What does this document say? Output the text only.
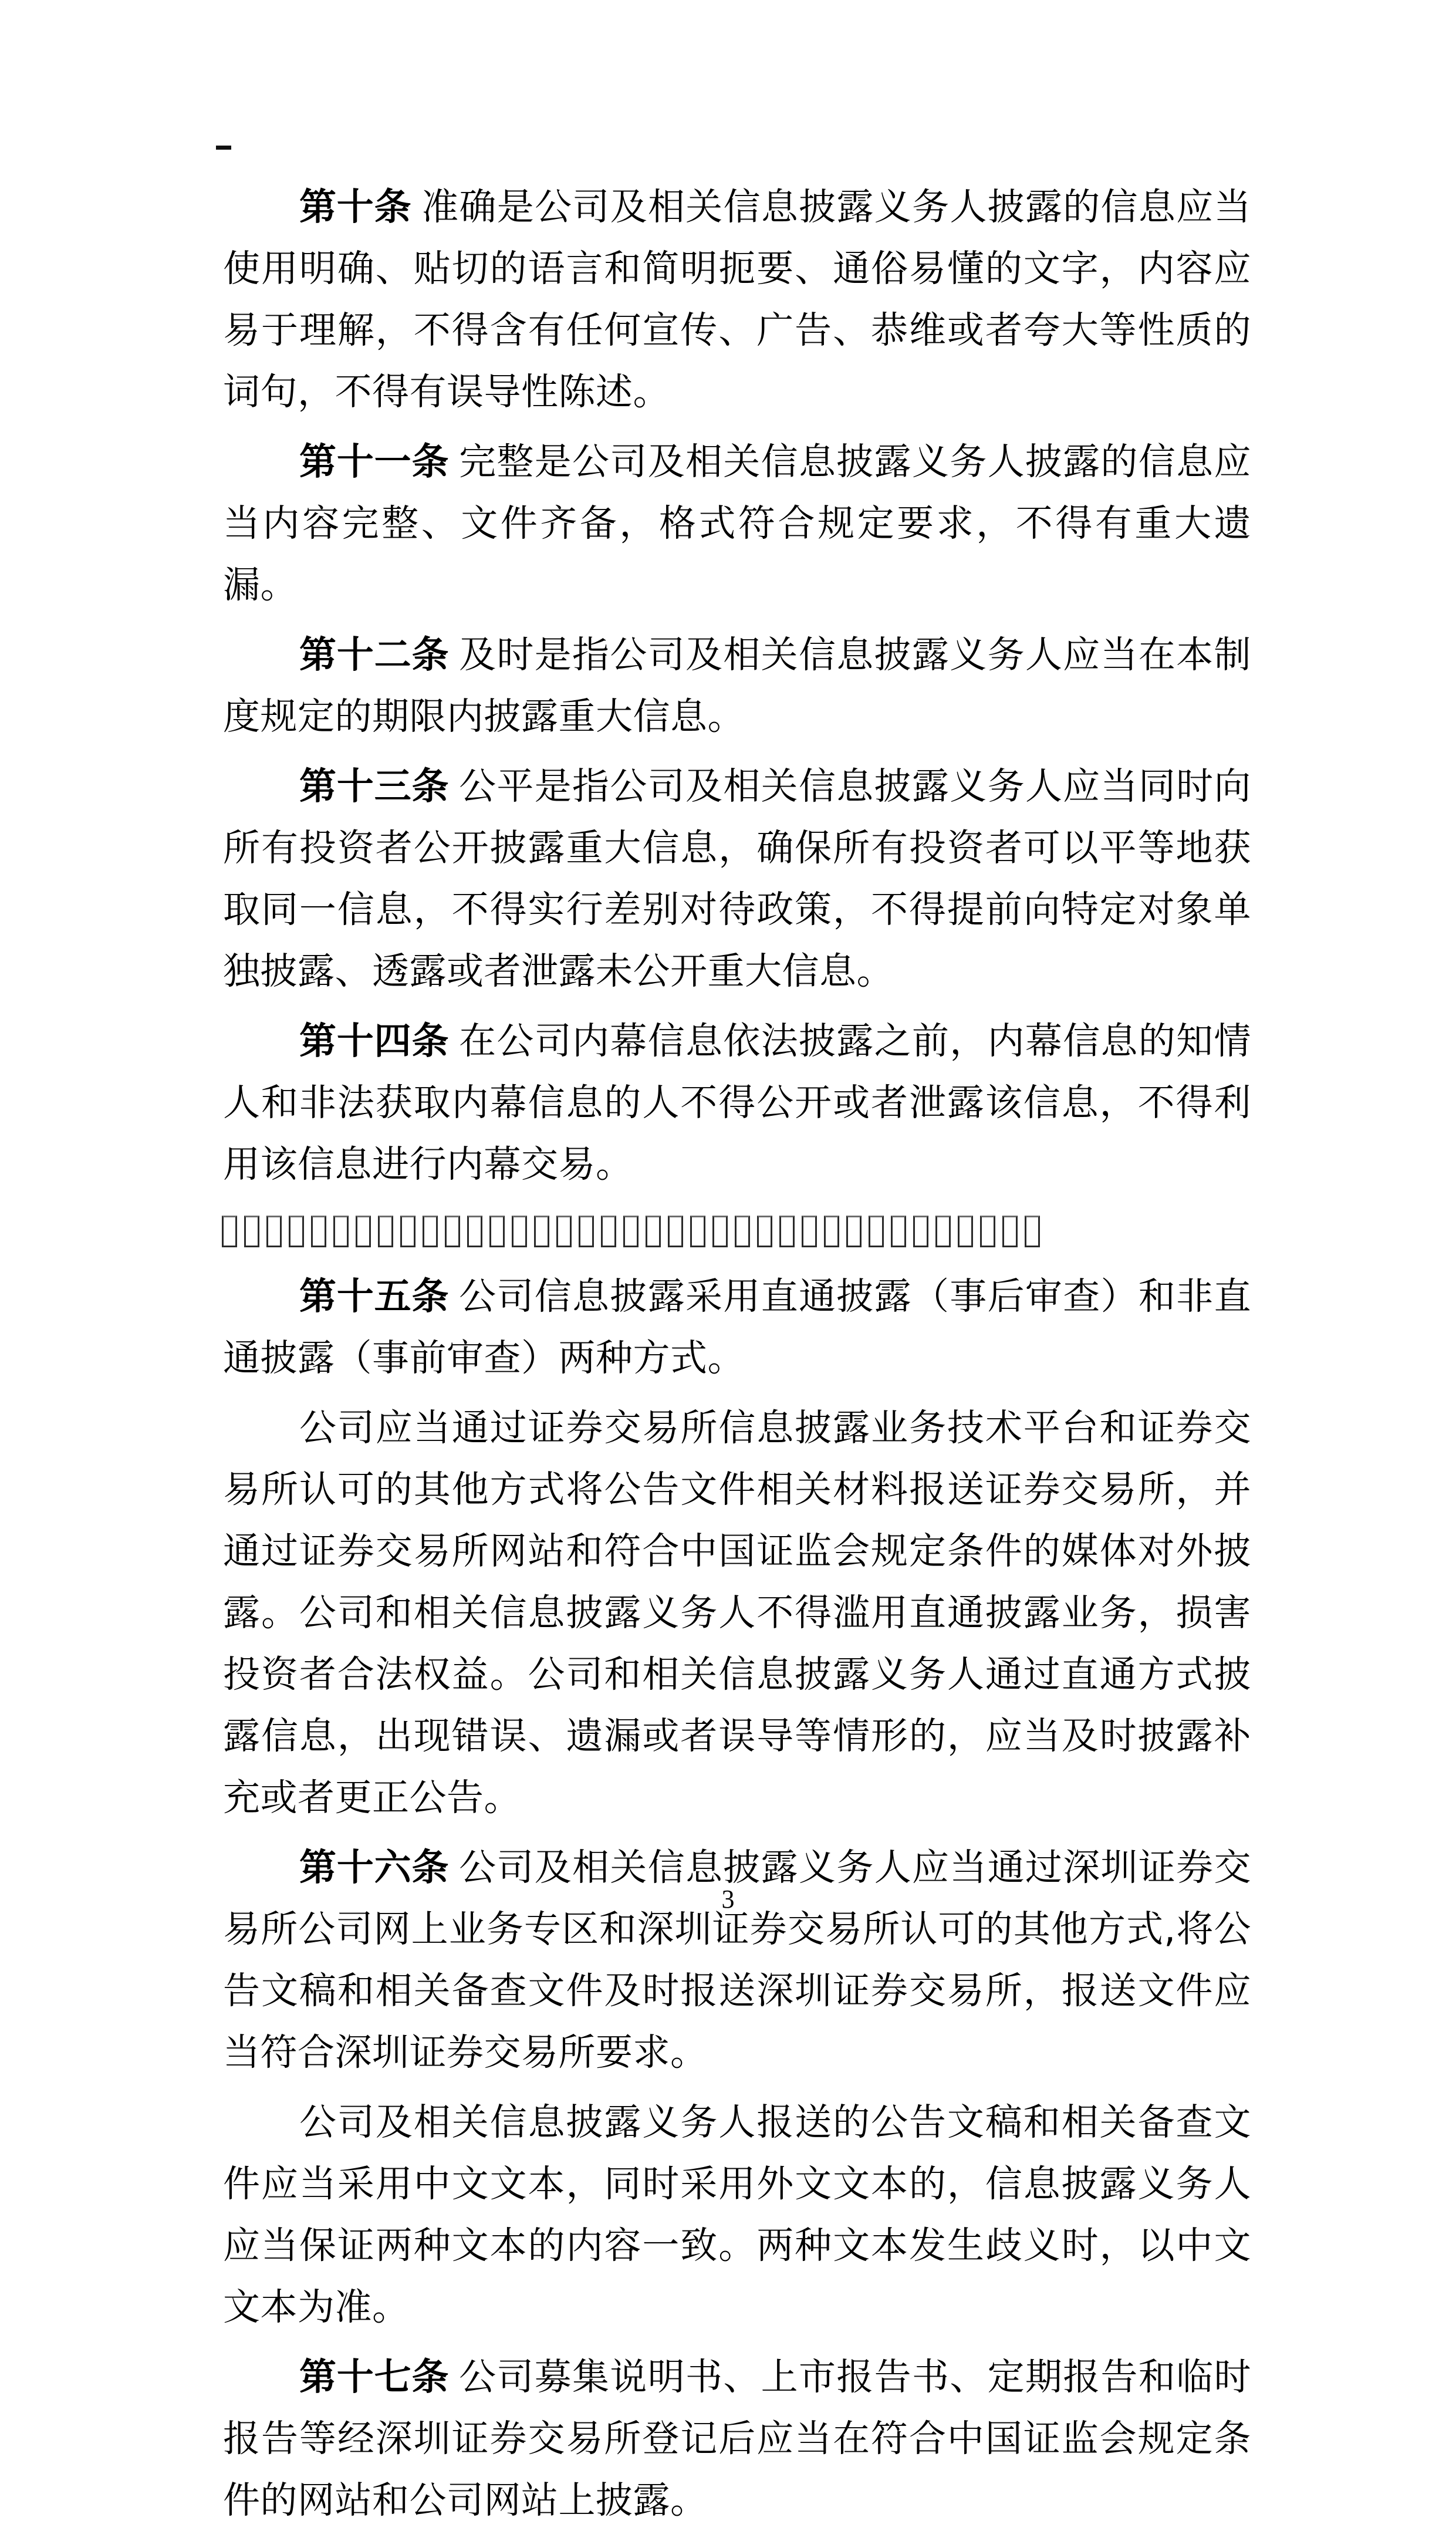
第十条 准确是公司及相关信息披露义务人披露的信息应当使用明确、贴切的语言和简明扼要、通俗易懂的文字，内容应易于理解，不得含有任何宣传、广告、恭维或者夸大等性质的词句，不得有误导性陈述。

第十一条 完整是公司及相关信息披露义务人披露的信息应当内容完整、文件齐备，格式符合规定要求，不得有重大遗漏。

第十二条 及时是指公司及相关信息披露义务人应当在本制度规定的期限内披露重大信息。

第十三条 公平是指公司及相关信息披露义务人应当同时向所有投资者公开披露重大信息，确保所有投资者可以平等地获取同一信息，不得实行差别对待政策，不得提前向特定对象单独披露、透露或者泄露未公开重大信息。

第十四条 在公司内幕信息依法披露之前，内幕信息的知情人和非法获取内幕信息的人不得公开或者泄露该信息，不得利用该信息进行内幕交易。

第十五条 公司信息披露采用直通披露（事后审查）和非直通披露（事前审查）两种方式。

公司应当通过证券交易所信息披露业务技术平台和证券交易所认可的其他方式将公告文件相关材料报送证券交易所，并通过证券交易所网站和符合中国证监会规定条件的媒体对外披露。公司和相关信息披露义务人不得滥用直通披露业务，损害投资者合法权益。公司和相关信息披露义务人通过直通方式披露信息，出现错误、遗漏或者误导等情形的，应当及时披露补充或者更正公告。

第十六条 公司及相关信息披露义务人应当通过深圳证券交易所公司网上业务专区和深圳证券交易所认可的其他方式,将公告文稿和相关备查文件及时报送深圳证券交易所，报送文件应当符合深圳证券交易所要求。

公司及相关信息披露义务人报送的公告文稿和相关备查文件应当采用中文文本，同时采用外文文本的，信息披露义务人应当保证两种文本的内容一致。两种文本发生歧义时，以中文文本为准。

第十七条 公司募集说明书、上市报告书、定期报告和临时报告等经深圳证券交易所登记后应当在符合中国证监会规定条件的网站和公司网站上披露。

3
